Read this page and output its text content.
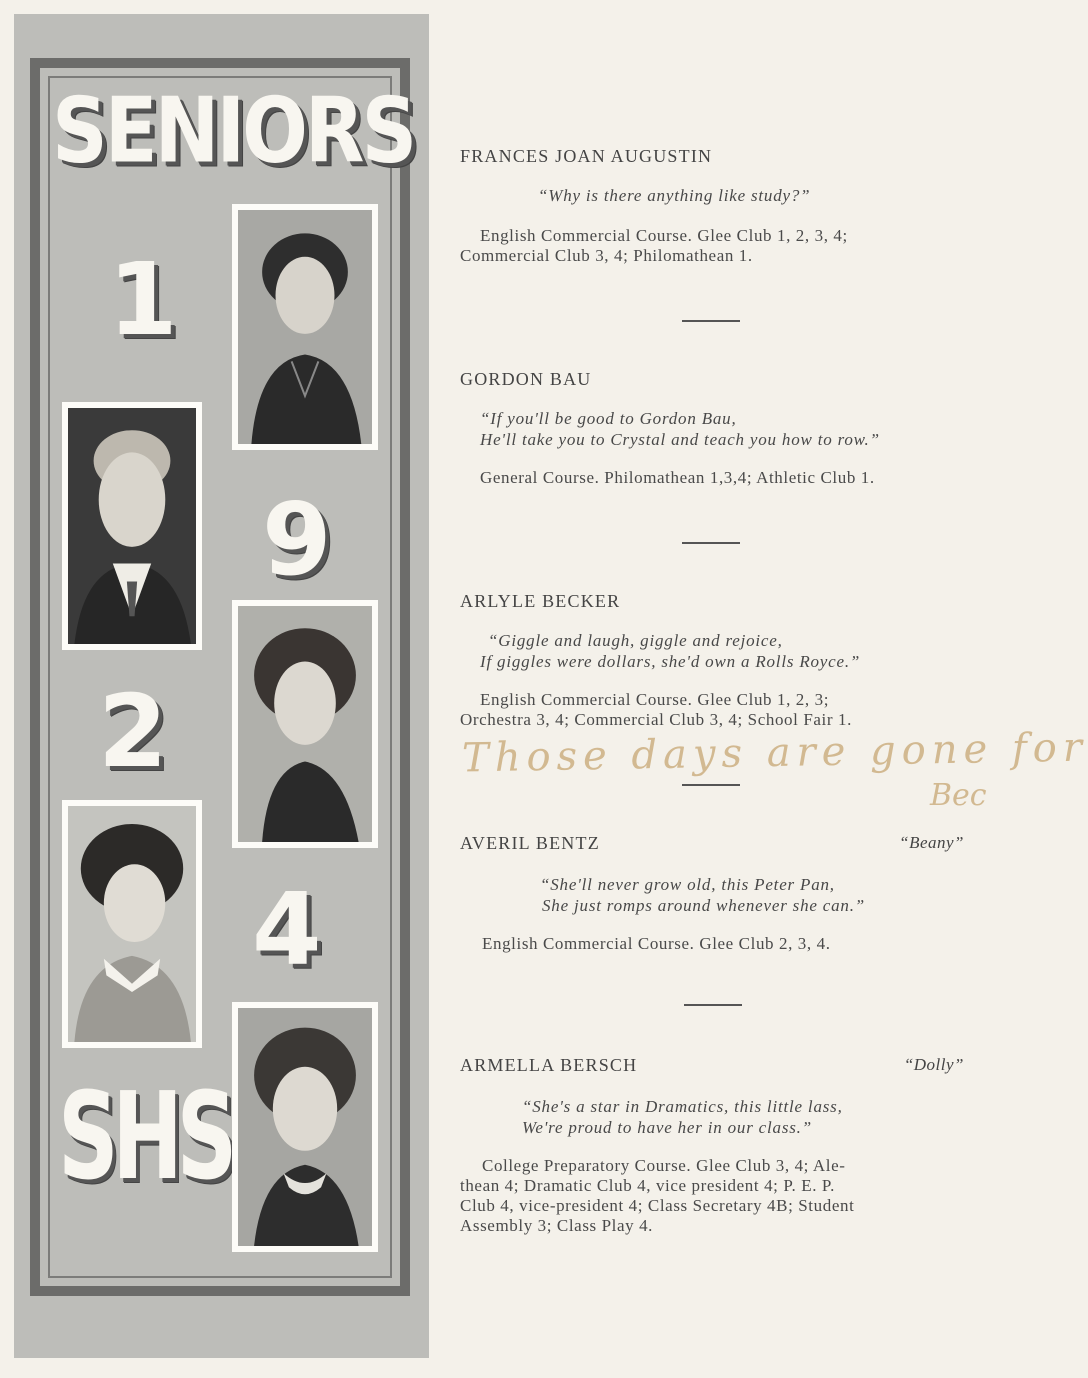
SENIORS
1
9
2
4
SHS
FRANCES JOAN AUGUSTIN
“Why is there anything like study?”
English Commercial Course. Glee Club 1, 2, 3, 4;
Commercial Club 3, 4; Philomathean 1.
GORDON BAU
“If you'll be good to Gordon Bau,
He'll take you to Crystal and teach you how to row.”
General Course. Philomathean 1,3,4; Athletic Club 1.
ARLYLE BECKER
“Giggle and laugh, giggle and rejoice,
If giggles were dollars, she'd own a Rolls Royce.”
English Commercial Course. Glee Club 1, 2, 3;
Orchestra 3, 4; Commercial Club 3, 4; School Fair 1.
Those days are gone for
Bec
AVERIL BENTZ	“Beany”
“She'll never grow old, this Peter Pan,
She just romps around whenever she can.”
English Commercial Course. Glee Club 2, 3, 4.
ARMELLA BERSCH	“Dolly”
“She's a star in Dramatics, this little lass,
We're proud to have her in our class.”
College Preparatory Course. Glee Club 3, 4; Ale-
thean 4; Dramatic Club 4, vice president 4; P. E. P.
Club 4, vice-president 4; Class Secretary 4B; Student
Assembly 3; Class Play 4.
